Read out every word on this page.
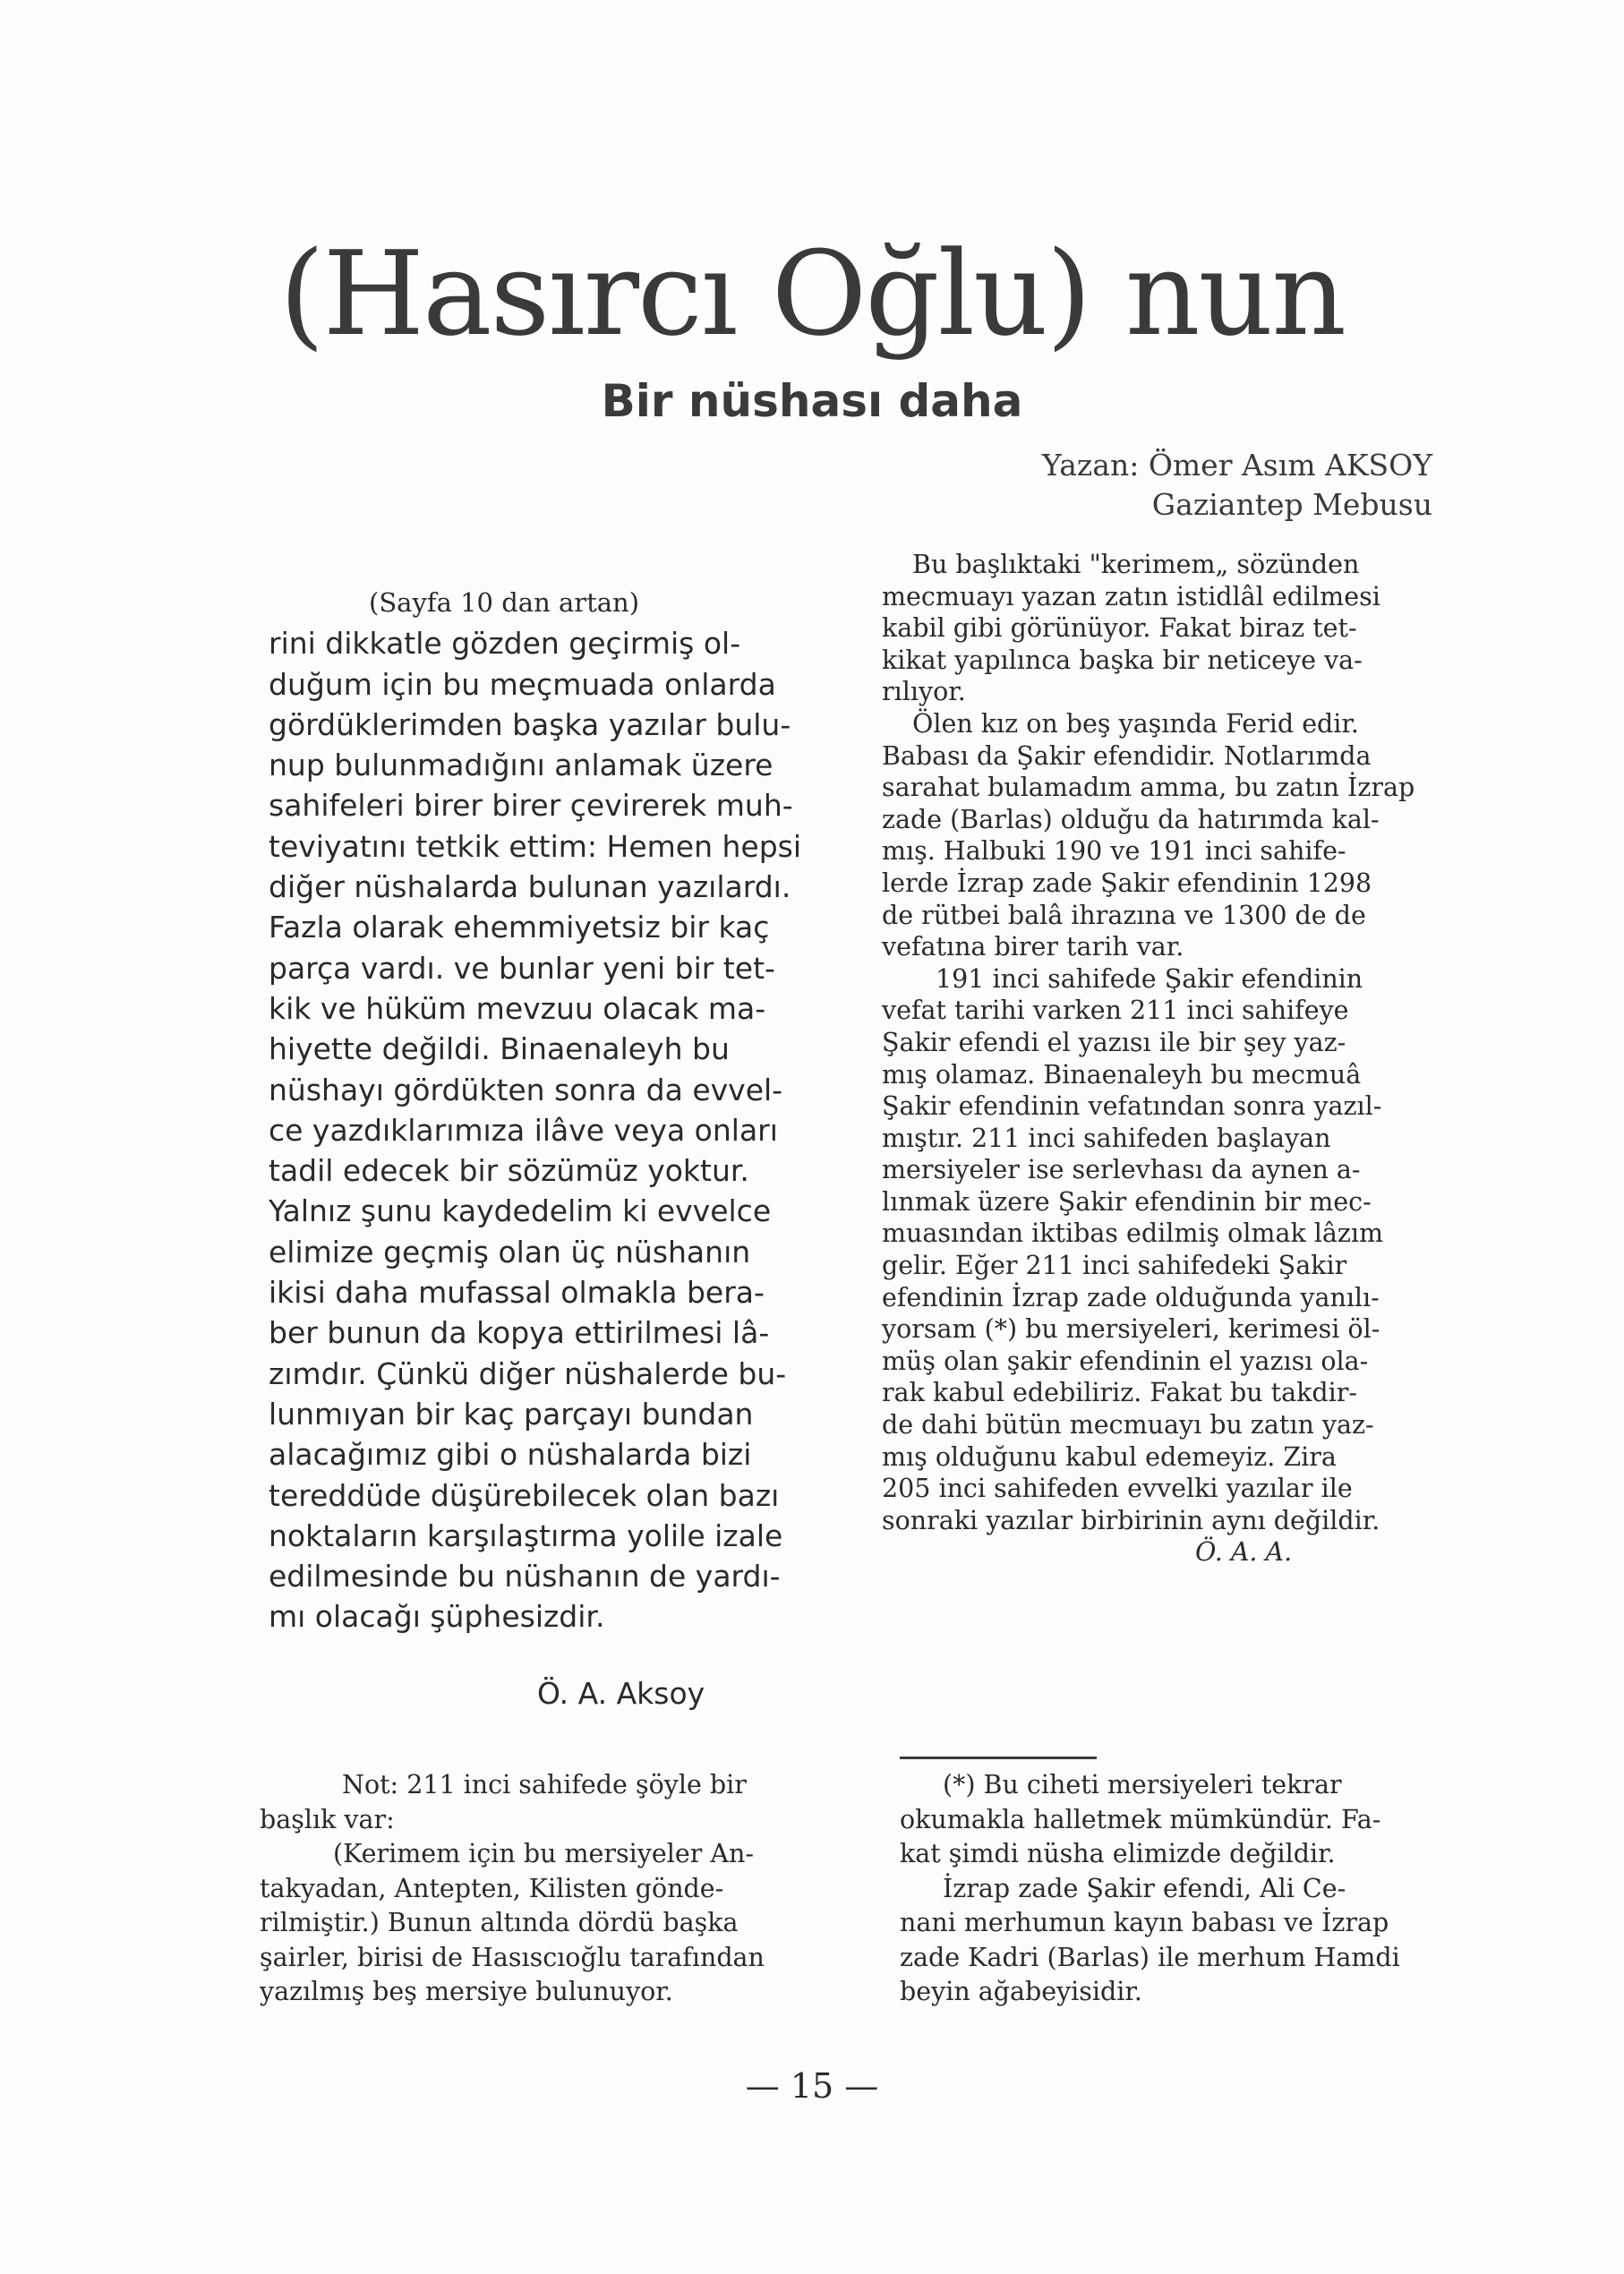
(Hasırcı Oğlu) nun
Bir nüshası daha
Yazan: Ömer Asım AKSOY
Gaziantep Mebusu
(Sayfa 10 dan artan)
rini dikkatle gözden geçirmiş ol-
duğum için bu meçmuada onlarda
gördüklerimden başka yazılar bulu-
nup bulunmadığını anlamak üzere
sahifeleri birer birer çevirerek muh-
teviyatını tetkik ettim: Hemen hepsi
diğer nüshalarda bulunan yazılardı.
Fazla olarak ehemmiyetsiz bir kaç
parça vardı. ve bunlar yeni bir tet-
kik ve hüküm mevzuu olacak ma-
hiyette değildi. Binaenaleyh bu
nüshayı gördükten sonra da evvel-
ce yazdıklarımıza ilâve veya onları
tadil edecek bir sözümüz yoktur.
Yalnız şunu kaydedelim ki evvelce
elimize geçmiş olan üç nüshanın
ikisi daha mufassal olmakla bera-
ber bunun da kopya ettirilmesi lâ-
zımdır. Çünkü diğer nüshalerde bu-
lunmıyan bir kaç parçayı bundan
alacağımız gibi o nüshalarda bizi
tereddüde düşürebilecek olan bazı
noktaların karşılaştırma yolile izale
edilmesinde bu nüshanın de yardı-
mı olacağı şüphesizdir.
Ö. A. Aksoy
Bu başlıktaki "kerimem„ sözünden
mecmuayı yazan zatın istidlâl edilmesi
kabil gibi görünüyor. Fakat biraz tet-
kikat yapılınca başka bir neticeye va-
rılıyor.
Ölen kız on beş yaşında Ferid edir.
Babası da Şakir efendidir. Notlarımda
sarahat bulamadım amma, bu zatın İzrap
zade (Barlas) olduğu da hatırımda kal-
mış. Halbuki 190 ve 191 inci sahife-
lerde İzrap zade Şakir efendinin 1298
de rütbei balâ ihrazına ve 1300 de de
vefatına birer tarih var.
191 inci sahifede Şakir efendinin
vefat tarihi varken 211 inci sahifeye
Şakir efendi el yazısı ile bir şey yaz-
mış olamaz. Binaenaleyh bu mecmuâ
Şakir efendinin vefatından sonra yazıl-
mıştır. 211 inci sahifeden başlayan
mersiyeler ise serlevhası da aynen a-
lınmak üzere Şakir efendinin bir mec-
muasından iktibas edilmiş olmak lâzım
gelir. Eğer 211 inci sahifedeki Şakir
efendinin İzrap zade olduğunda yanılı-
yorsam (*) bu mersiyeleri, kerimesi öl-
müş olan şakir efendinin el yazısı ola-
rak kabul edebiliriz. Fakat bu takdir-
de dahi bütün mecmuayı bu zatın yaz-
mış olduğunu kabul edemeyiz. Zira
205 inci sahifeden evvelki yazılar ile
sonraki yazılar birbirinin aynı değildir.
Ö. A. A.
Not: 211 inci sahifede şöyle bir
başlık var:
(Kerimem için bu mersiyeler An-
takyadan, Antepten, Kilisten gönde-
rilmiştir.) Bunun altında dördü başka
şairler, birisi de Hasıscıoğlu tarafından
yazılmış beş mersiye bulunuyor.
(*) Bu ciheti mersiyeleri tekrar
okumakla halletmek mümkündür. Fa-
kat şimdi nüsha elimizde değildir.
İzrap zade Şakir efendi, Ali Ce-
nani merhumun kayın babası ve İzrap
zade Kadri (Barlas) ile merhum Hamdi
beyin ağabeyisidir.
— 15 —
